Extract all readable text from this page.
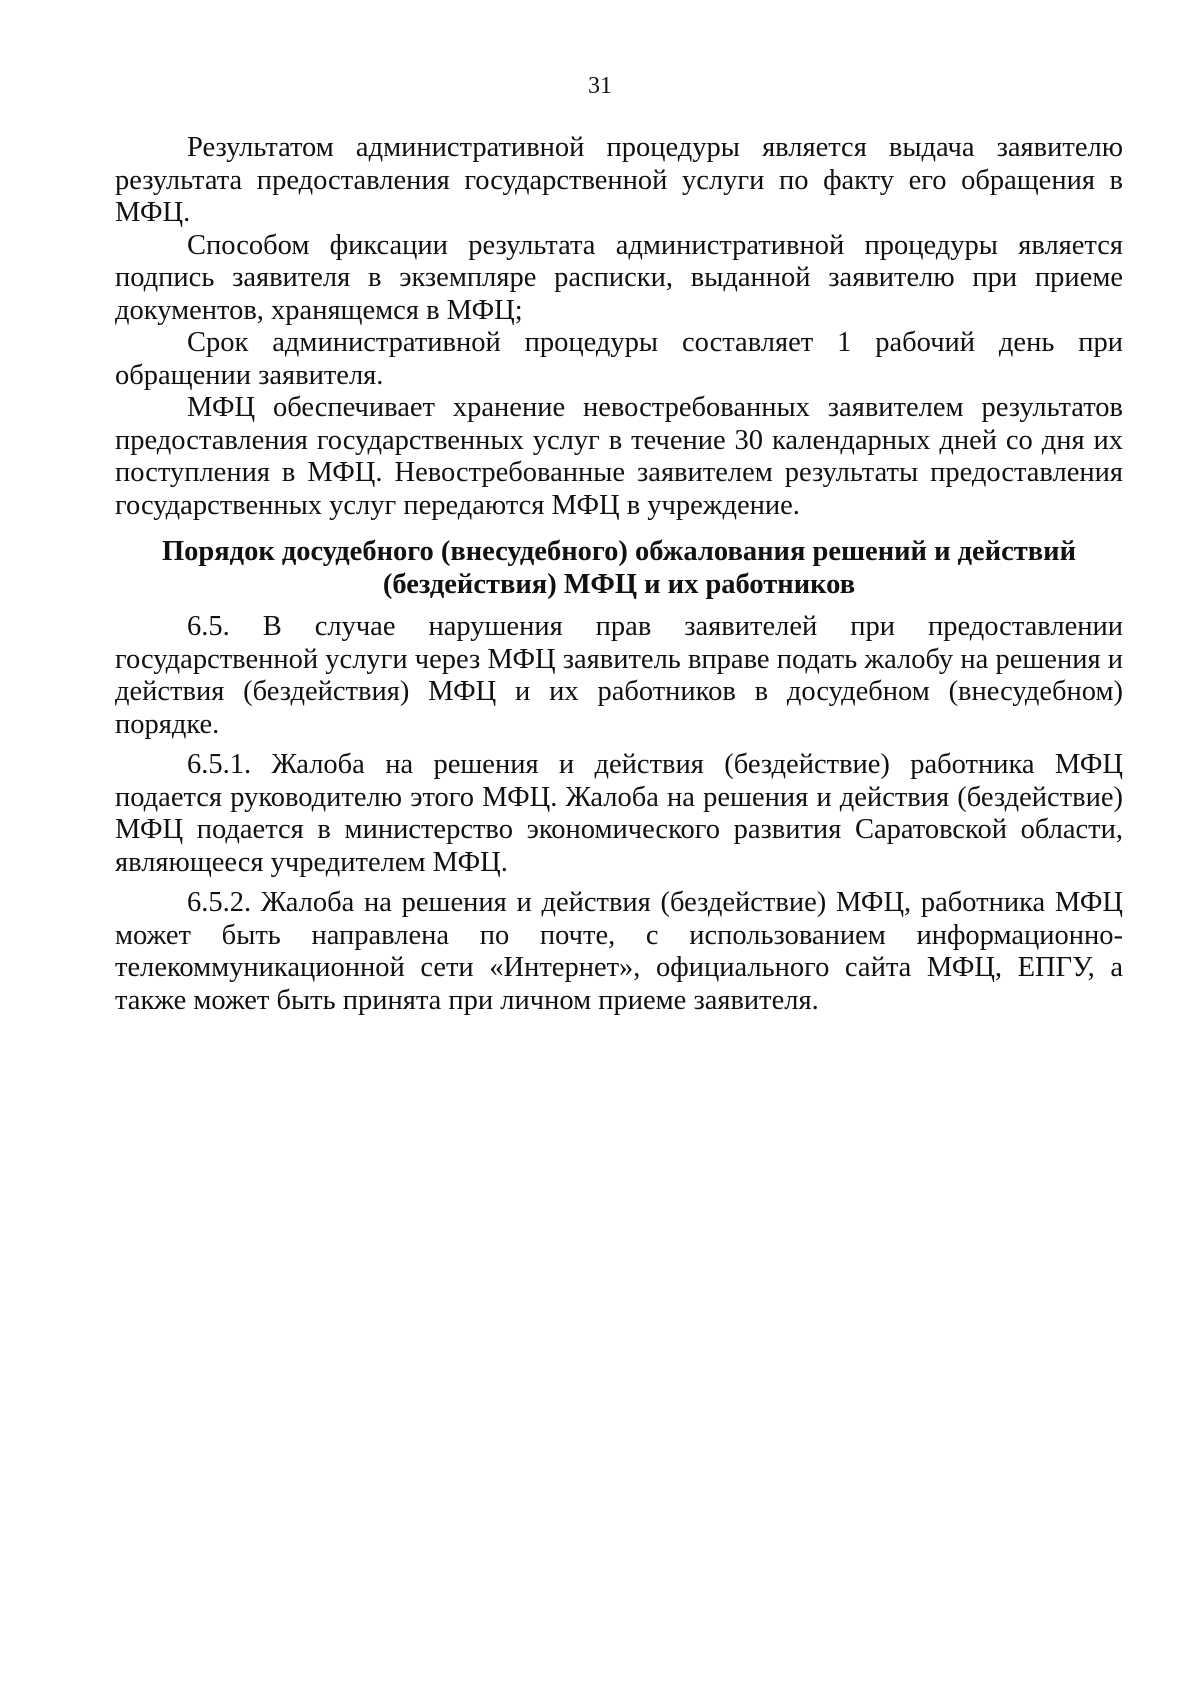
31

Результатом административной процедуры является выдача заявителю результата предоставления государственной услуги по факту его обращения в МФЦ.

Способом фиксации результата административной процедуры является подпись заявителя в экземпляре расписки, выданной заявителю при приеме документов, хранящемся в МФЦ;

Срок административной процедуры составляет 1 рабочий день при обращении заявителя.

МФЦ обеспечивает хранение невостребованных заявителем результатов предоставления государственных услуг в течение 30 календарных дней со дня их поступления в МФЦ. Невостребованные заявителем результаты предоставления государственных услуг передаются МФЦ в учреждение.

Порядок досудебного (внесудебного) обжалования решений и действий
(бездействия) МФЦ и их работников

6.5. В случае нарушения прав заявителей при предоставлении государственной услуги через МФЦ заявитель вправе подать жалобу на решения и действия (бездействия) МФЦ и их работников в досудебном (внесудебном) порядке.

6.5.1. Жалоба на решения и действия (бездействие) работника МФЦ подается руководителю этого МФЦ. Жалоба на решения и действия (бездействие) МФЦ подается в министерство экономического развития Саратовской области, являющееся учредителем МФЦ.

6.5.2. Жалоба на решения и действия (бездействие) МФЦ, работника МФЦ может быть направлена по почте, с использованием информационно-телекоммуникационной сети «Интернет», официального сайта МФЦ, ЕПГУ, а также может быть принята при личном приеме заявителя.
